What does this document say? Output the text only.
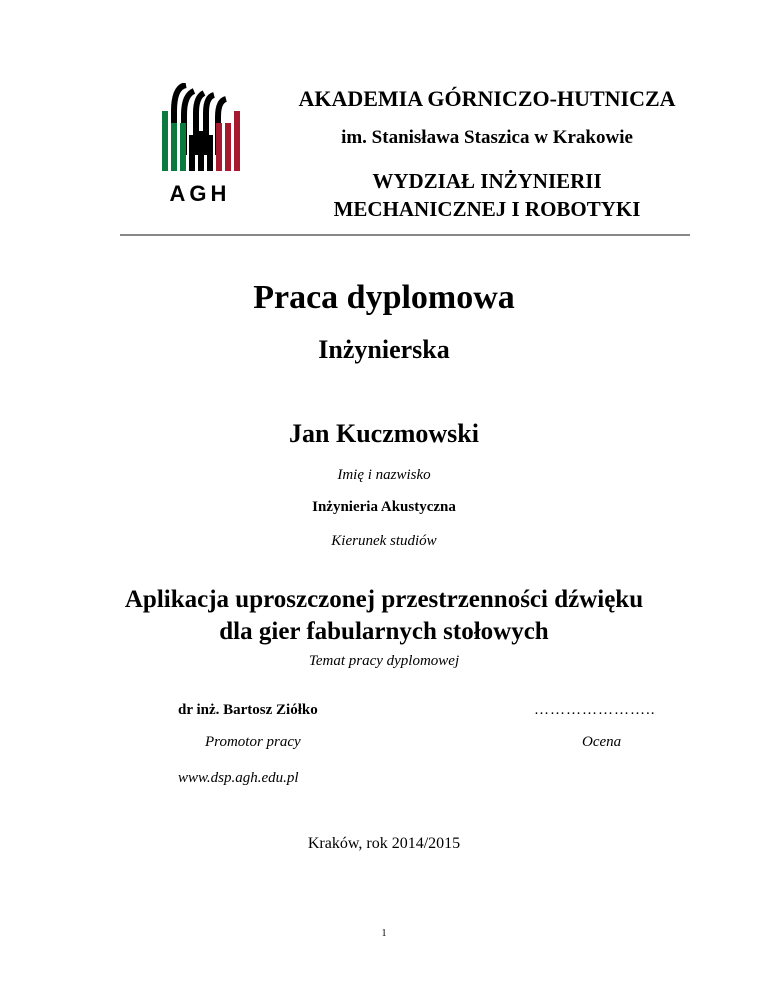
AGH
AKADEMIA GÓRNICZO-HUTNICZA
im. Stanisława Staszica w Krakowie
WYDZIAŁ INŻYNIERII
MECHANICZNEJ I ROBOTYKI
Praca dyplomowa
Inżynierska
Jan Kuczmowski
Imię i nazwisko
Inżynieria Akustyczna
Kierunek studiów
Aplikacja uproszczonej przestrzenności dźwięku
dla gier fabularnych stołowych
Temat pracy dyplomowej
dr inż. Bartosz Ziółko	…………………..
Promotor pracy	Ocena
www.dsp.agh.edu.pl
Kraków, rok 2014/2015
1
